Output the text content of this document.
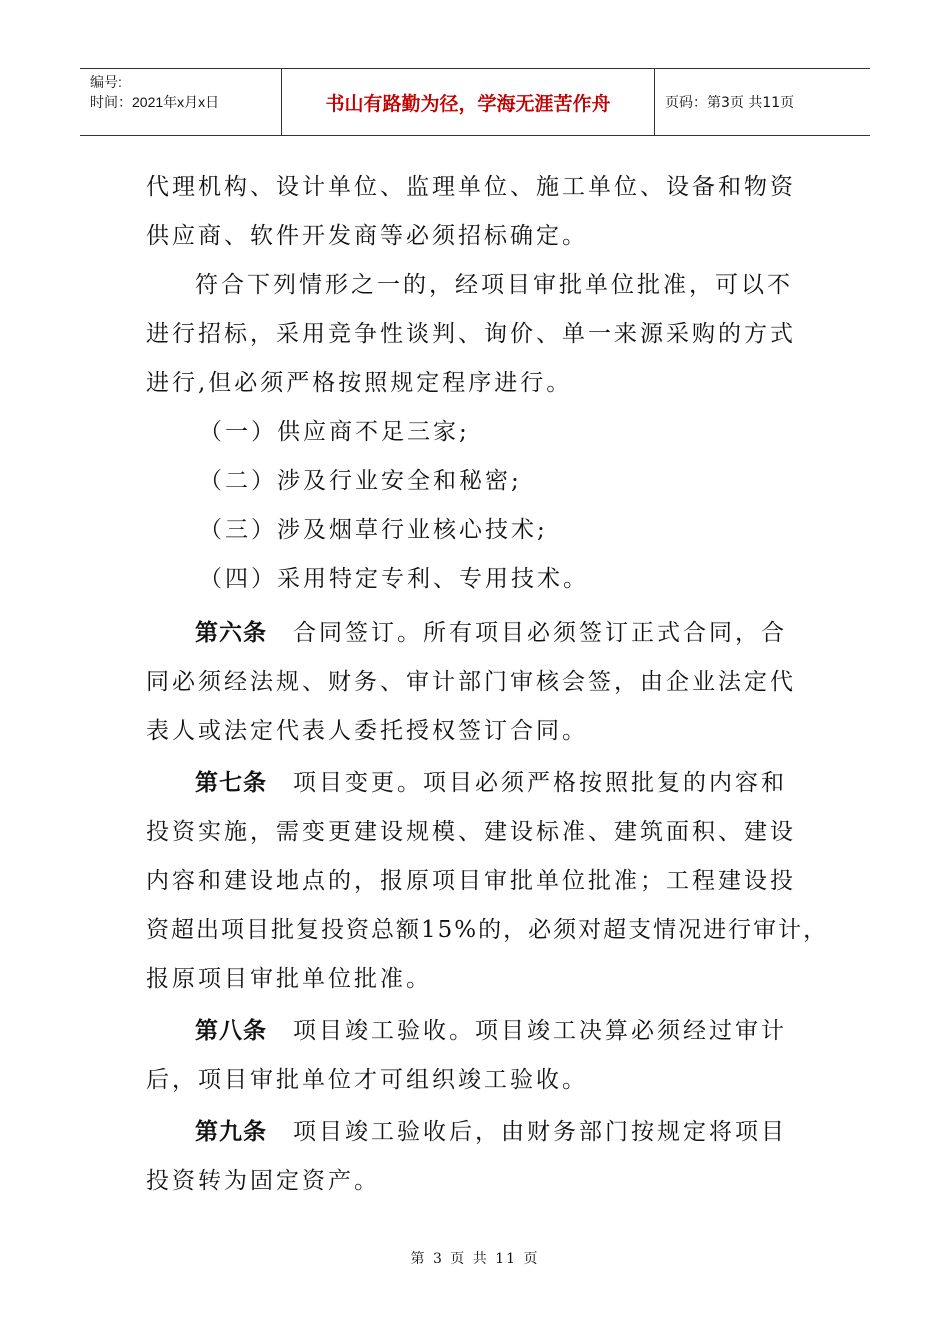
编号:
时间：2021年x月x日	书山有路勤为径，学海无涯苦作舟	页码：第3页 共11页
代理机构、设计单位、监理单位、施工单位、设备和物资
供应商、软件开发商等必须招标确定。
符合下列情形之一的，经项目审批单位批准，可以不
进行招标，采用竞争性谈判、询价、单一来源采购的方式
进行,但必须严格按照规定程序进行。
（一）供应商不足三家;
（二）涉及行业安全和秘密;
（三）涉及烟草行业核心技术;
（四）采用特定专利、专用技术。
第六条 合同签订。所有项目必须签订正式合同，合
同必须经法规、财务、审计部门审核会签，由企业法定代
表人或法定代表人委托授权签订合同。
第七条 项目变更。项目必须严格按照批复的内容和
投资实施，需变更建设规模、建设标准、建筑面积、建设
内容和建设地点的，报原项目审批单位批准；工程建设投
资超出项目批复投资总额15%的，必须对超支情况进行审计，
报原项目审批单位批准。
第八条 项目竣工验收。项目竣工决算必须经过审计
后，项目审批单位才可组织竣工验收。
第九条 项目竣工验收后，由财务部门按规定将项目
投资转为固定资产。
第 3 页 共 11 页
